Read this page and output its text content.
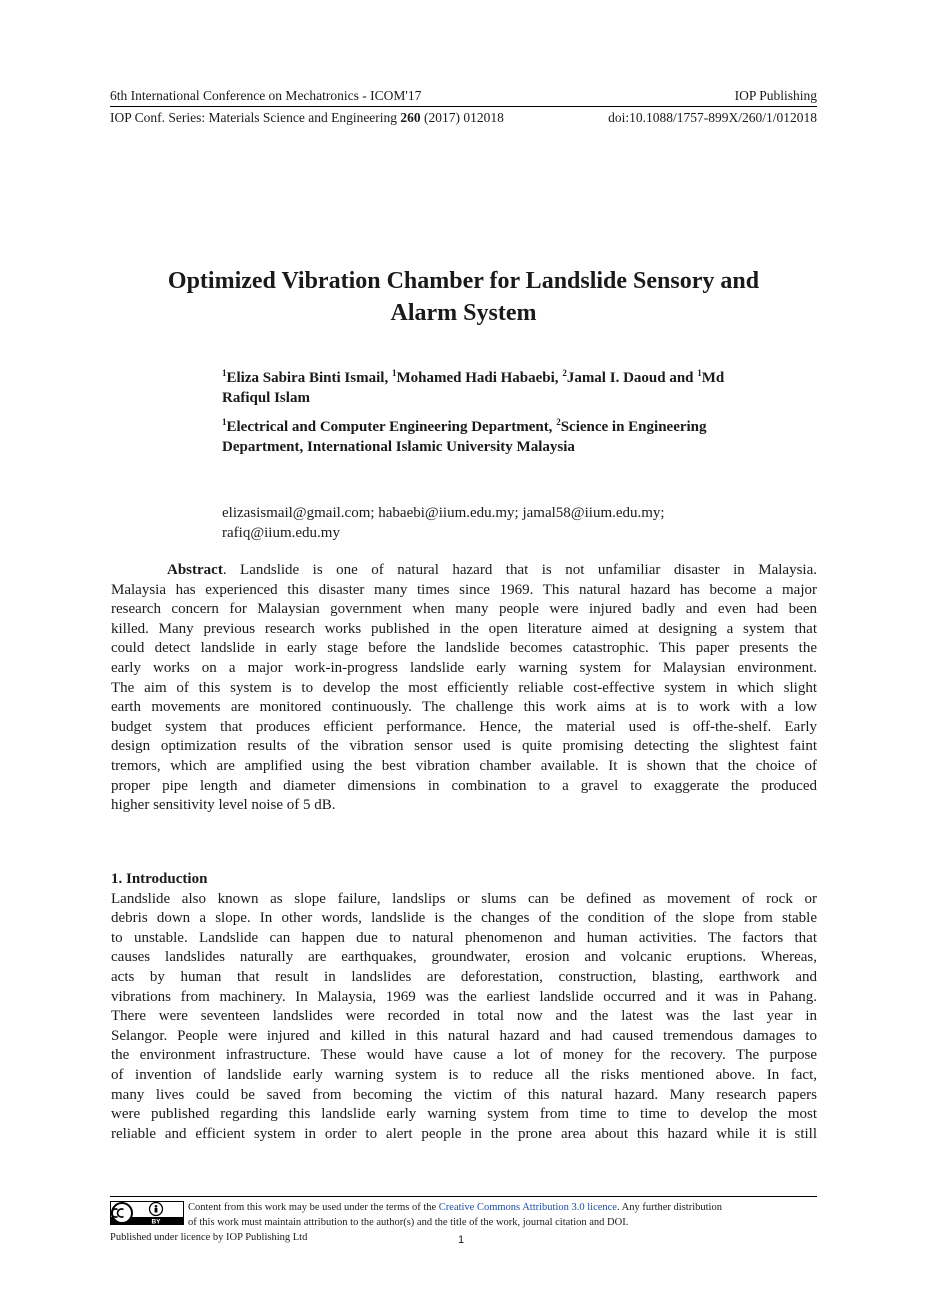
6th International Conference on Mechatronics - ICOM'17	IOP Publishing
IOP Conf. Series: Materials Science and Engineering 260 (2017) 012018	doi:10.1088/1757-899X/260/1/012018
Optimized Vibration Chamber for Landslide Sensory and
Alarm System
$^1$Eliza Sabira Binti Ismail, $^1$Mohamed Hadi Habaebi, $^2$Jamal I. Daoud and $^1$Md
Rafiqul Islam
$^1$Electrical and Computer Engineering Department, $^2$Science in Engineering
Department, International Islamic University Malaysia
elizasismail@gmail.com; habaebi@iium.edu.my; jamal58@iium.edu.my;
rafiq@iium.edu.my
Abstract. Landslide is one of natural hazard that is not unfamiliar disaster in Malaysia.
Malaysia has experienced this disaster many times since 1969. This natural hazard has become a major
research concern for Malaysian government when many people were injured badly and even had been
killed. Many previous research works published in the open literature aimed at designing a system that
could detect landslide in early stage before the landslide becomes catastrophic. This paper presents the
early works on a major work-in-progress landslide early warning system for Malaysian environment.
The aim of this system is to develop the most efficiently reliable cost-effective system in which slight
earth movements are monitored continuously. The challenge this work aims at is to work with a low
budget system that produces efficient performance. Hence, the material used is off-the-shelf. Early
design optimization results of the vibration sensor used is quite promising detecting the slightest faint
tremors, which are amplified using the best vibration chamber available. It is shown that the choice of
proper pipe length and diameter dimensions in combination to a gravel to exaggerate the produced
higher sensitivity level noise of 5 dB.
1. Introduction
Landslide also known as slope failure, landslips or slums can be defined as movement of rock or
debris down a slope. In other words, landslide is the changes of the condition of the slope from stable
to unstable. Landslide can happen due to natural phenomenon and human activities. The factors that
causes landslides naturally are earthquakes, groundwater, erosion and volcanic eruptions. Whereas,
acts by human that result in landslides are deforestation, construction, blasting, earthwork and
vibrations from machinery. In Malaysia, 1969 was the earliest landslide occurred and it was in Pahang.
There were seventeen landslides were recorded in total now and the latest was the last year in
Selangor. People were injured and killed in this natural hazard and had caused tremendous damages to
the environment infrastructure. These would have cause a lot of money for the recovery. The purpose
of invention of landslide early warning system is to reduce all the risks mentioned above. In fact,
many lives could be saved from becoming the victim of this natural hazard. Many research papers
were published regarding this landslide early warning system from time to time to develop the most
reliable and efficient system in order to alert people in the prone area about this hazard while it is still
BY
Content from this work may be used under the terms of the Creative Commons Attribution 3.0 licence. Any further distribution
of this work must maintain attribution to the author(s) and the title of the work, journal citation and DOI.
Published under licence by IOP Publishing Ltd	1
